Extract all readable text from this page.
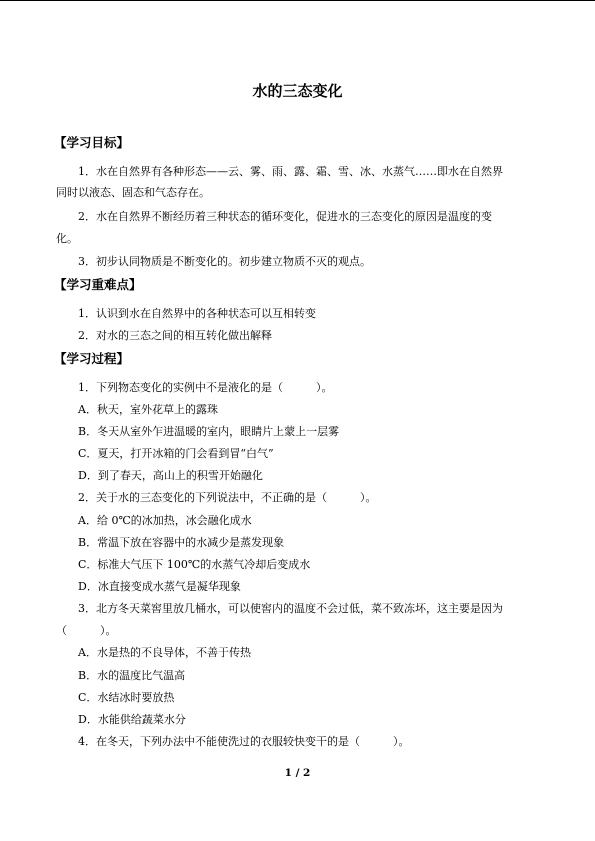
水的三态变化
【学习目标】
1．水在自然界有各种形态——云、雾、雨、露、霜、雪、冰、水蒸气……即水在自然界
同时以液态、固态和气态存在。
2．水在自然界不断经历着三种状态的循环变化，促进水的三态变化的原因是温度的变
化。
3．初步认同物质是不断变化的。初步建立物质不灭的观点。
【学习重难点】
1．认识到水在自然界中的各种状态可以互相转变
2．对水的三态之间的相互转化做出解释
【学习过程】
1．下列物态变化的实例中不是液化的是（　　　）。
A．秋天，室外花草上的露珠
B．冬天从室外乍进温暖的室内，眼睛片上蒙上一层雾
C．夏天，打开冰箱的门会看到冒“白气”
D．到了春天，高山上的积雪开始融化
2．关于水的三态变化的下列说法中，不正确的是（　　　）。
A．给 0℃的冰加热，冰会融化成水
B．常温下放在容器中的水减少是蒸发现象
C．标准大气压下 100℃的水蒸气冷却后变成水
D．冰直接变成水蒸气是凝华现象
3．北方冬天菜窖里放几桶水，可以使窖内的温度不会过低，菜不致冻坏，这主要是因为
（　　　）。
A．水是热的不良导体，不善于传热
B．水的温度比气温高
C．水结冰时要放热
D．水能供给蔬菜水分
4．在冬天，下列办法中不能使洗过的衣服较快变干的是（　　　）。
1 / 2
